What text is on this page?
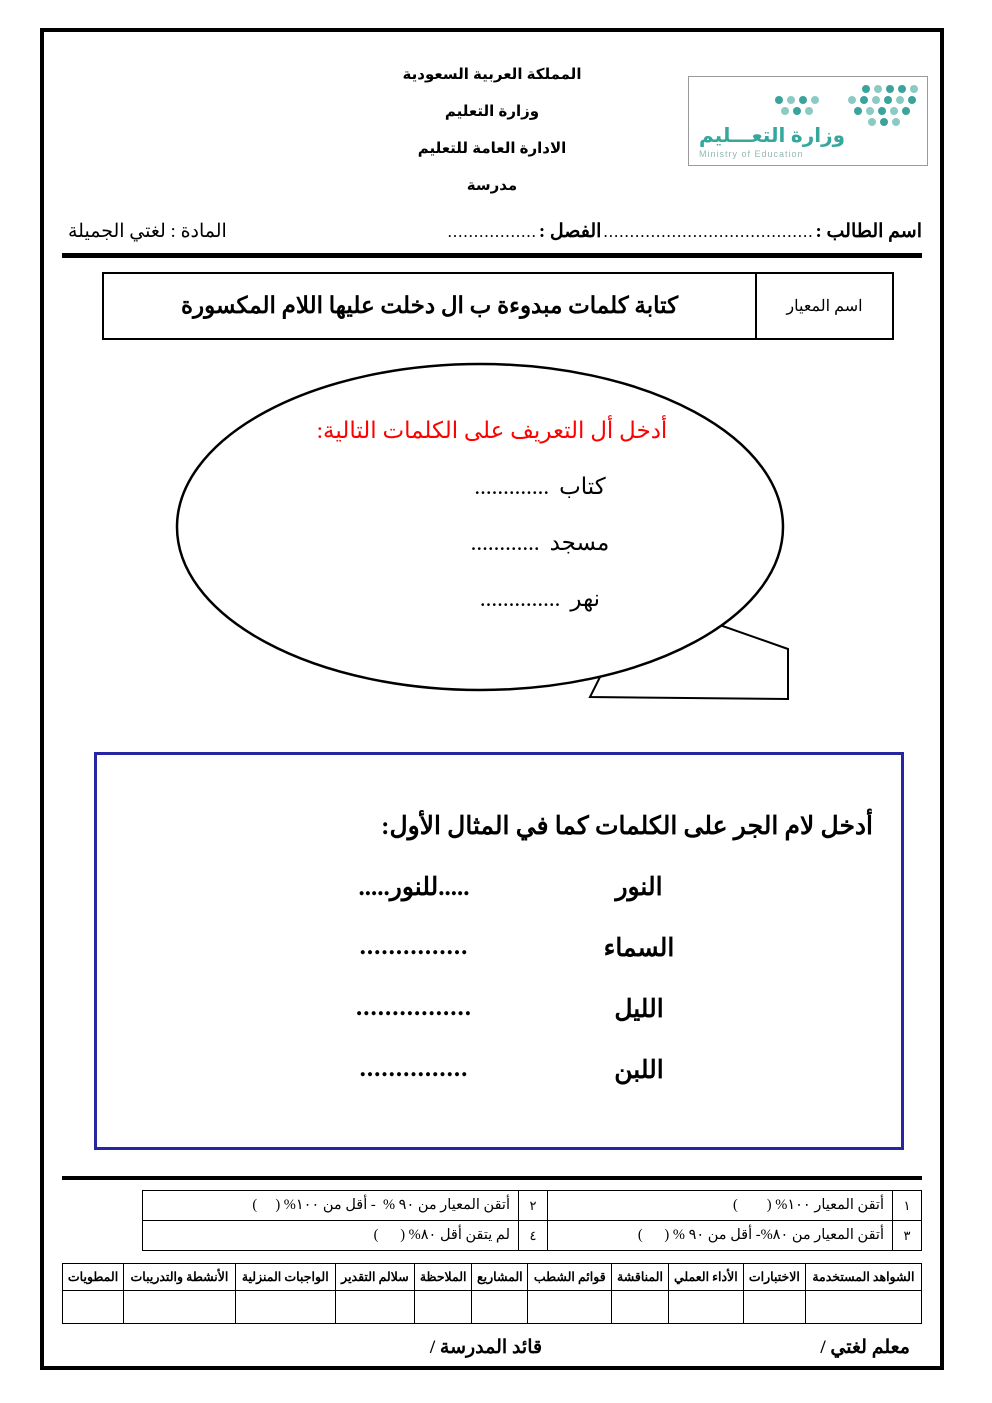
المملكة العربية السعودية
وزارة التعليم
الادارة العامة للتعليم
مدرسة
وزارة التعـــليم
Ministry of Education
اسم الطالب :
........................................
الفصل :
.................
المادة : لغتي الجميلة
اسم المعيار
كتابة كلمات مبدوءة ب ال دخلت عليها اللام المكسورة
أدخل أل التعريف على الكلمات التالية:
كتاب.............
مسجد............
نهر..............
أدخل لام الجر على الكلمات كما في المثال الأول:
النور
.....للنور.....
السماء
...............
الليل
................
اللبن
...............
١	أتقن المعيار ١٠٠% (        )	٢	أتقن المعيار من ٩٠ %  - أقل من ١٠٠% (     )
٣	أتقن المعيار من ٨٠%- أقل من ٩٠ % (      )	٤	لم يتقن أقل ٨٠% (      )
الشواهد المستخدمة	الاختبارات	الأداء العملي	المناقشة	قوائم الشطب	المشاريع	الملاحظة	سلالم التقدير	الواجبات المنزلية	الأنشطة والتدريبات	المطويات

معلم لغتي /
قائد المدرسة /
